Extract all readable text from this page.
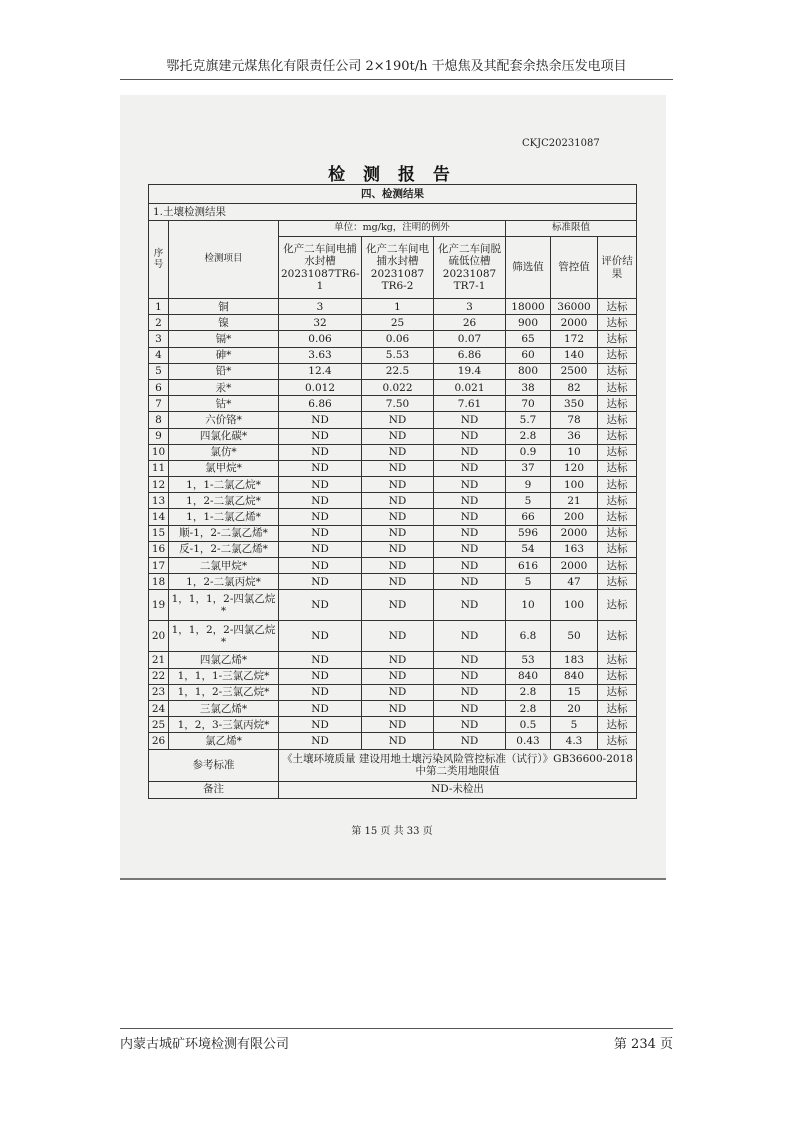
鄂托克旗建元煤焦化有限责任公司 2×190t/h 干熄焦及其配套余热余压发电项目
CKJC20231087
检 测 报 告
四、检测结果							
1.土壤检测结果							
序号	检测项目	单位：mg/kg，注明的例外			标准限值		
		化产二车间电捕水封槽 20231087TR6-1	化产二车间电捕水封槽 20231087 TR6-2	化产二车间脱硫低位槽 20231087 TR7-1	筛选值	管控值	评价结果
1	铜	3	1	3	18000	36000	达标
2	镍	32	25	26	900	2000	达标
3	镉*	0.06	0.06	0.07	65	172	达标
4	砷*	3.63	5.53	6.86	60	140	达标
5	铅*	12.4	22.5	19.4	800	2500	达标
6	汞*	0.012	0.022	0.021	38	82	达标
7	钴*	6.86	7.50	7.61	70	350	达标
8	六价铬*	ND	ND	ND	5.7	78	达标
9	四氯化碳*	ND	ND	ND	2.8	36	达标
10	氯仿*	ND	ND	ND	0.9	10	达标
11	氯甲烷*	ND	ND	ND	37	120	达标
12	1，1-二氯乙烷*	ND	ND	ND	9	100	达标
13	1，2-二氯乙烷*	ND	ND	ND	5	21	达标
14	1，1-二氯乙烯*	ND	ND	ND	66	200	达标
15	顺-1，2-二氯乙烯*	ND	ND	ND	596	2000	达标
16	反-1，2-二氯乙烯*	ND	ND	ND	54	163	达标
17	二氯甲烷*	ND	ND	ND	616	2000	达标
18	1，2-二氯丙烷*	ND	ND	ND	5	47	达标
19	1，1，1，2-四氯乙烷*	ND	ND	ND	10	100	达标
20	1，1，2，2-四氯乙烷*	ND	ND	ND	6.8	50	达标
21	四氯乙烯*	ND	ND	ND	53	183	达标
22	1，1，1-三氯乙烷*	ND	ND	ND	840	840	达标
23	1，1，2-三氯乙烷*	ND	ND	ND	2.8	15	达标
24	三氯乙烯*	ND	ND	ND	2.8	20	达标
25	1，2，3-三氯丙烷*	ND	ND	ND	0.5	5	达标
26	氯乙烯*	ND	ND	ND	0.43	4.3	达标
参考标准		《土壤环境质量 建设用地土壤污染风险管控标准（试行）》GB36600-2018 中第二类用地限值					
备注		ND-未检出					
第 15 页 共 33 页
内蒙古城矿环境检测有限公司	第 234 页
